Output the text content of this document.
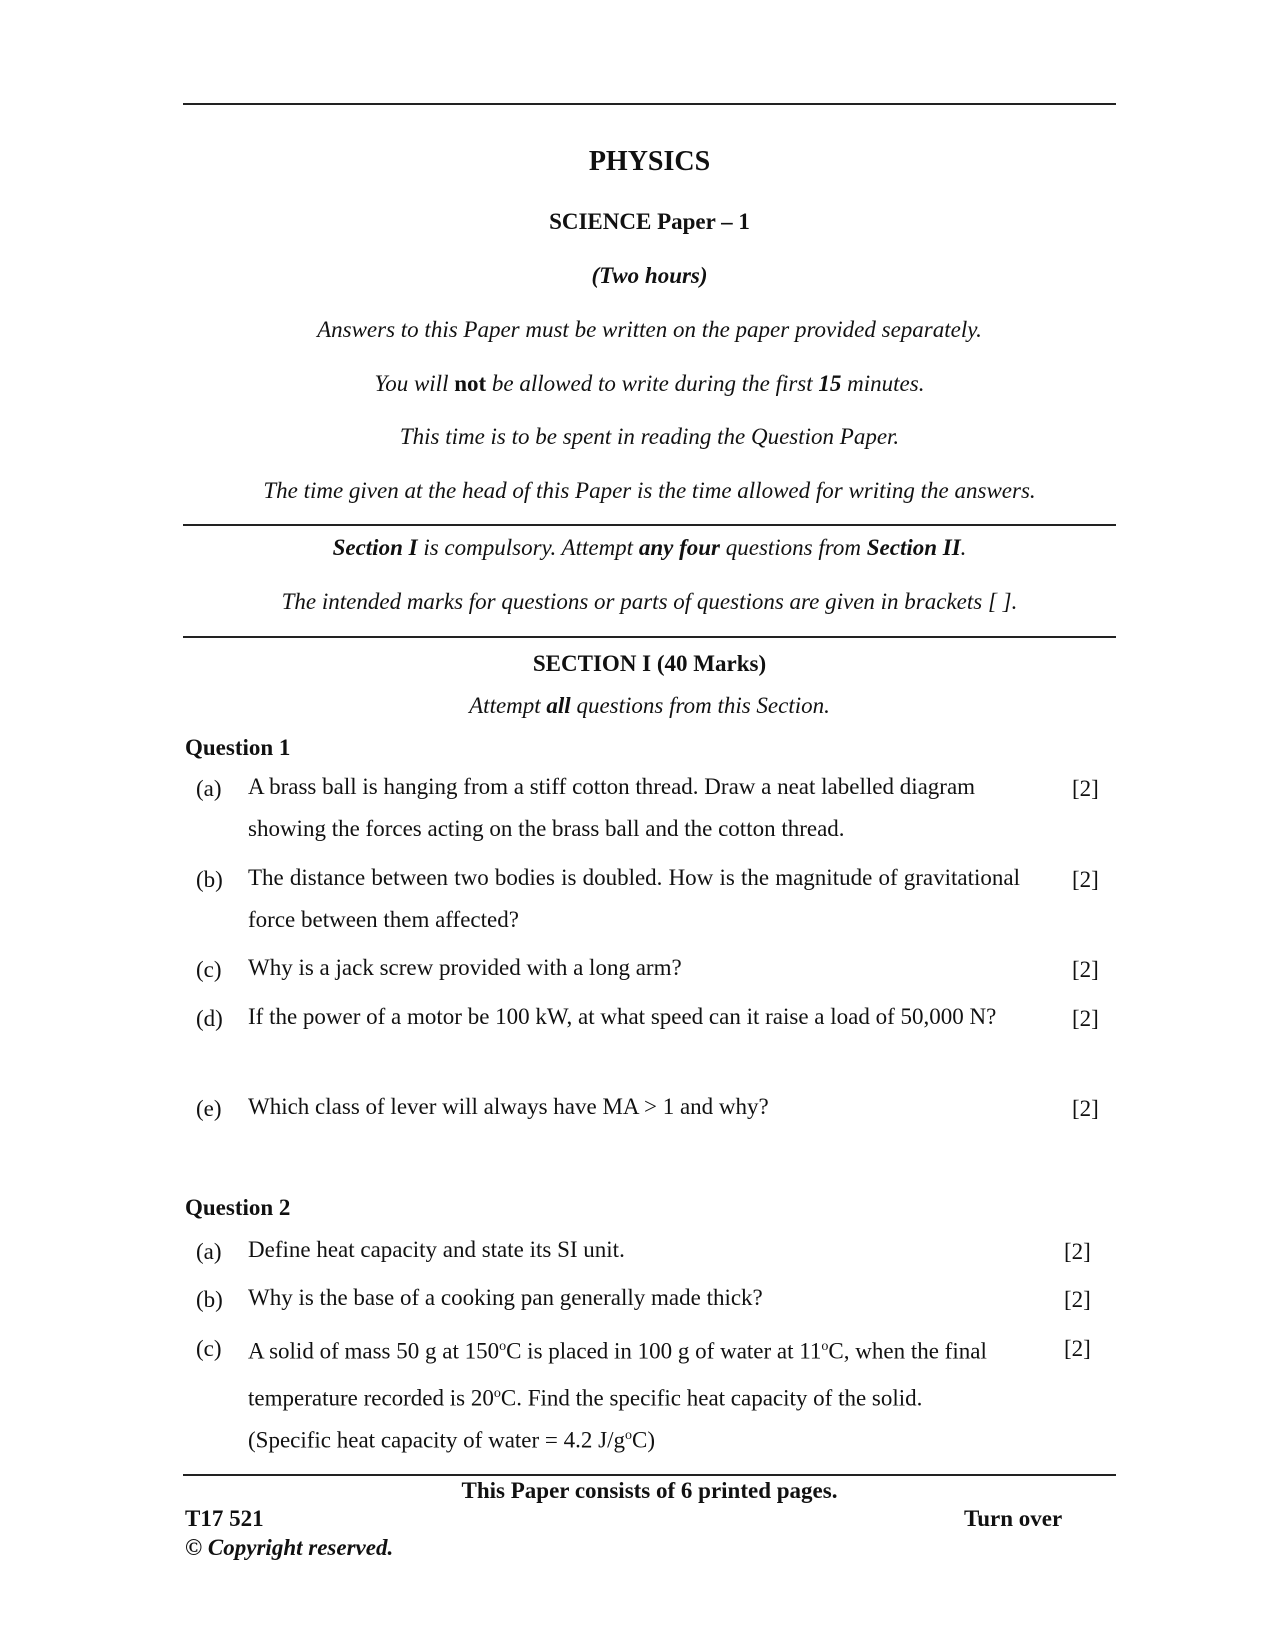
PHYSICS
SCIENCE Paper – 1
(Two hours)
Answers to this Paper must be written on the paper provided separately.
You will not be allowed to write during the first 15 minutes.
This time is to be spent in reading the Question Paper.
The time given at the head of this Paper is the time allowed for writing the answers.
Section I is compulsory. Attempt any four questions from Section II.
The intended marks for questions or parts of questions are given in brackets [ ].
SECTION I (40 Marks)
Attempt all questions from this Section.
Question 1
(a) A brass ball is hanging from a stiff cotton thread. Draw a neat labelled diagram showing the forces acting on the brass ball and the cotton thread.
[2]
(b) The distance between two bodies is doubled. How is the magnitude of gravitational force between them affected?
[2]
(c) Why is a jack screw provided with a long arm?	[2]
(d) If the power of a motor be 100 kW, at what speed can it raise a load of 50,000 N?	[2]
(e) Which class of lever will always have MA > 1 and why?	[2]
Question 2
(a) Define heat capacity and state its SI unit.	[2]
(b) Why is the base of a cooking pan generally made thick?	[2]
(c) A solid of mass 50 g at 150$^o$C is placed in 100 g of water at 11$^o$C, when the final temperature recorded is 20$^o$C. Find the specific heat capacity of the solid.
[2]
(Specific heat capacity of water = 4.2 $J/g^oC$)
This Paper consists of 6 printed pages.
T17 521	Turn over
© Copyright reserved.
